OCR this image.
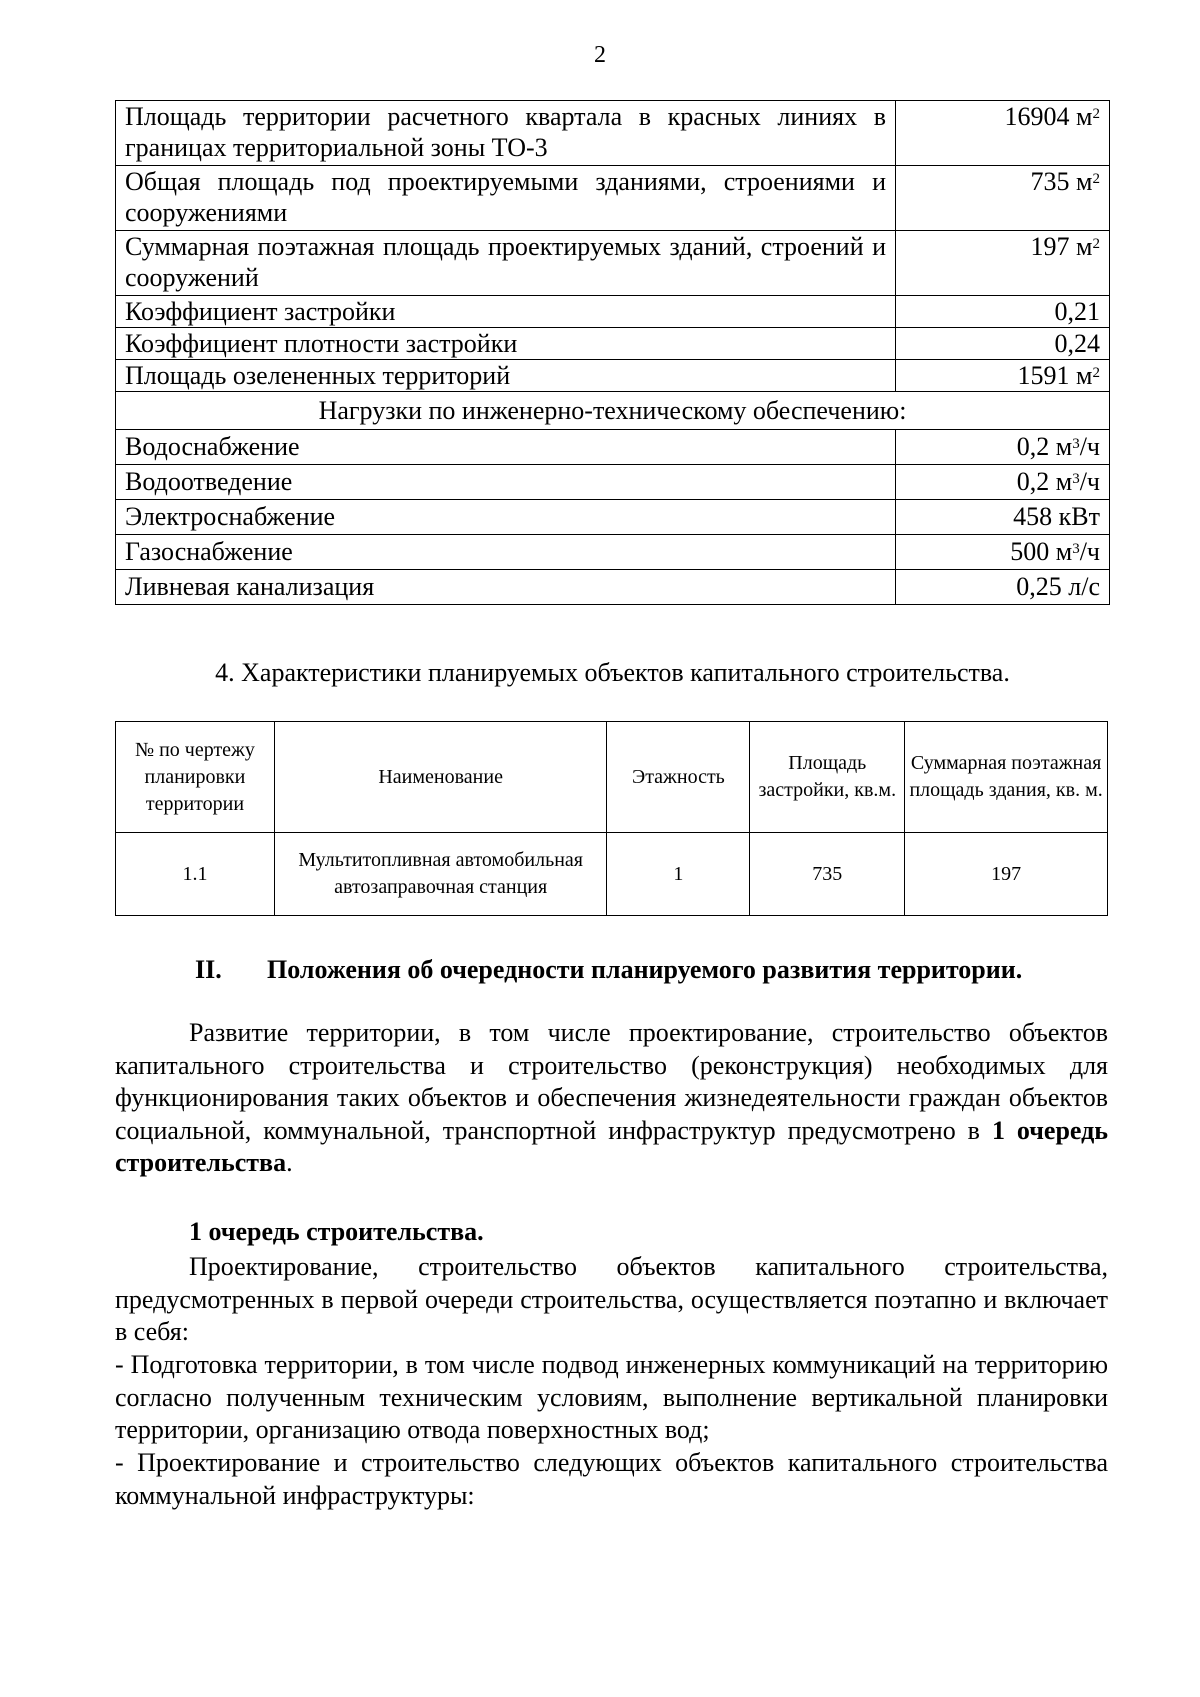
2
Площадь территории расчетного квартала в красных линиях в границах территориальной зоны ТО-3	16904 $м^2$
Общая площадь под проектируемыми зданиями, строениями и сооружениями	735 $м^2$
Суммарная поэтажная площадь проектируемых зданий, строений и сооружений	197 $м^2$
Коэффициент застройки	0,21
Коэффициент плотности застройки	0,24
Площадь озелененных территорий	1591 $м^2$
Нагрузки по инженерно-техническому обеспечению:	
Водоснабжение	0,2 $м^3/ч$
Водоотведение	0,2 $м^3/ч$
Электроснабжение	458 кВт
Газоснабжение	500 $м^3/ч$
Ливневая канализация	0,25 л/с
4. Характеристики планируемых объектов капитального строительства.
№ по чертежу планировки территории	Наименование	Этажность	Площадь застройки, кв.м.	Суммарная поэтажная площадь здания, кв. м.
1.1	Мультитопливная автомобильная автозаправочная станция	1	735	197
II. Положения об очередности планируемого развития территории.
Развитие территории, в том числе проектирование, строительство объектов капитального строительства и строительство (реконструкция) необходимых для функционирования таких объектов и обеспечения жизнедеятельности граждан объектов социальной, коммунальной, транспортной инфраструктур предусмотрено в 1 очередь строительства.
1 очередь строительства.
Проектирование, строительство объектов капитального строительства, предусмотренных в первой очереди строительства, осуществляется поэтапно и включает в себя:
- Подготовка территории, в том числе подвод инженерных коммуникаций на территорию согласно полученным техническим условиям, выполнение вертикальной планировки территории, организацию отвода поверхностных вод;
- Проектирование и строительство следующих объектов капитального строительства коммунальной инфраструктуры:
